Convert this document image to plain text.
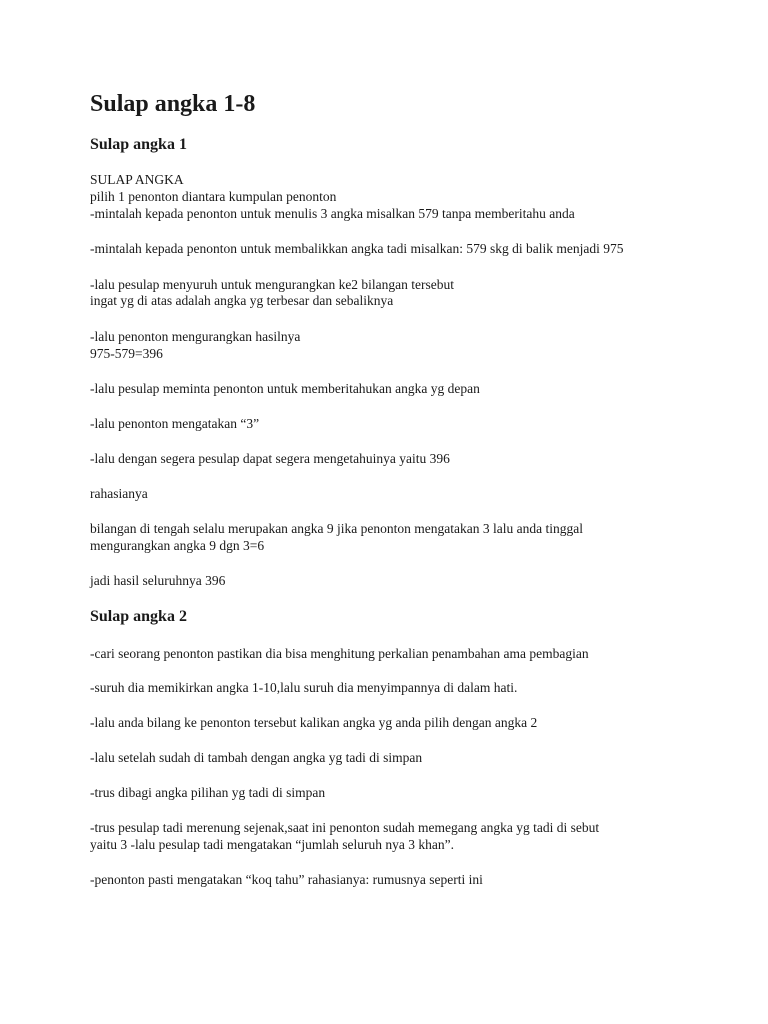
Sulap angka 1-8
Sulap angka 1

SULAP ANGKA

pilih 1 penonton diantara kumpulan penonton

-mintalah kepada penonton untuk menulis 3 angka misalkan 579 tanpa memberitahu anda

-mintalah kepada penonton untuk membalikkan angka tadi misalkan: 579 skg di balik menjadi 975

-lalu pesulap menyuruh untuk mengurangkan ke2 bilangan tersebut

ingat yg di atas adalah angka yg terbesar dan sebaliknya

-lalu penonton mengurangkan hasilnya

975-579=396

-lalu pesulap meminta penonton untuk memberitahukan angka yg depan

-lalu penonton mengatakan “3”

-lalu dengan segera pesulap dapat segera mengetahuinya yaitu 396

rahasianya

bilangan di tengah selalu merupakan angka 9 jika penonton mengatakan 3 lalu anda tinggal

mengurangkan angka 9 dgn 3=6

jadi hasil seluruhnya 396

Sulap angka 2

-cari seorang penonton pastikan dia bisa menghitung perkalian penambahan ama pembagian

-suruh dia memikirkan angka 1-10,lalu suruh dia menyimpannya di dalam hati.

-lalu anda bilang ke penonton tersebut kalikan angka yg anda pilih dengan angka 2

-lalu setelah sudah di tambah dengan angka yg tadi di simpan

-trus dibagi angka pilihan yg tadi di simpan

-trus pesulap tadi merenung sejenak,saat ini penonton sudah memegang angka yg tadi di sebut

yaitu 3 -lalu pesulap tadi mengatakan “jumlah seluruh nya 3 khan”.

-penonton pasti mengatakan “koq tahu” rahasianya: rumusnya seperti ini
